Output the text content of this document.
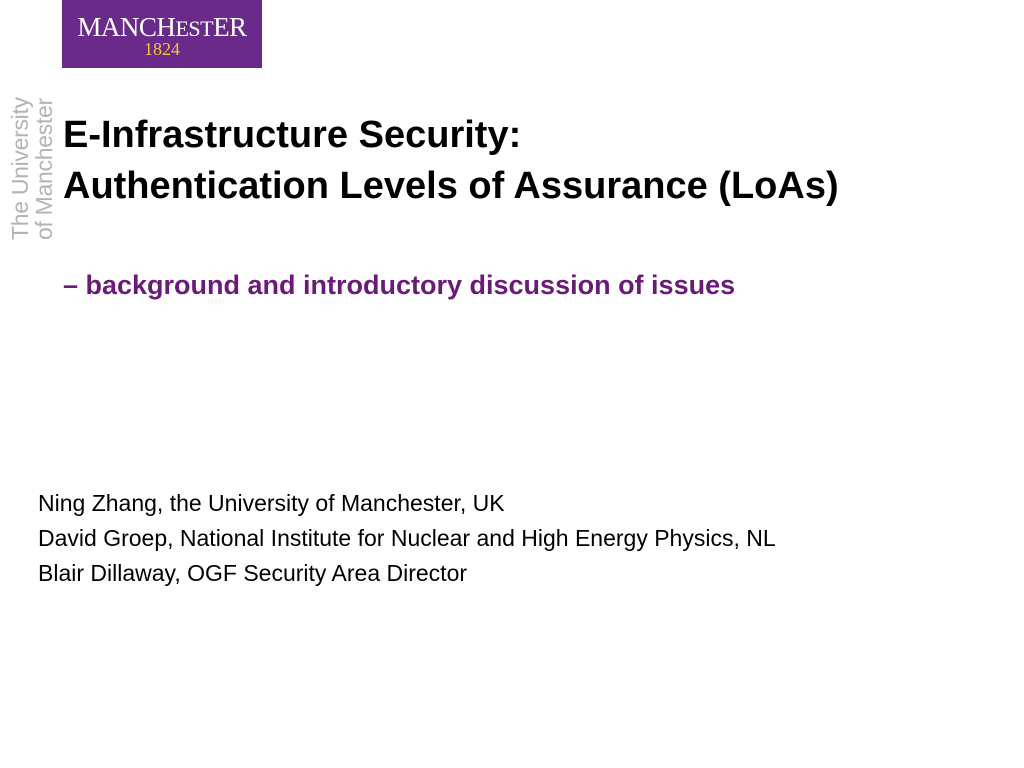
MANCHESTER
1824
The University
of Manchester E-Infrastructure Security:
Authentication Levels of Assurance (LoAs)
– background and introductory discussion of issues
Ning Zhang, the University of Manchester, UK
David Groep, National Institute for Nuclear and High Energy Physics, NL
Blair Dillaway, OGF Security Area Director
